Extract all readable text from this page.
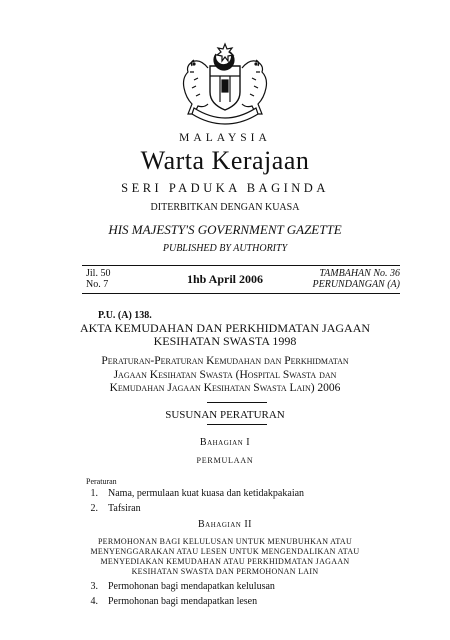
MALAYSIA
Warta Kerajaan
SERI PADUKA BAGINDA
DITERBITKAN DENGAN KUASA
HIS MAJESTY'S GOVERNMENT GAZETTE
PUBLISHED BY AUTHORITY
Jil. 50
No. 7	1hb April 2006	TAMBAHAN No. 36
PERUNDANGAN (A)
P.U. (A) 138.
AKTA KEMUDAHAN DAN PERKHIDMATAN JAGAAN
KESIHATAN SWASTA 1998
Peraturan-Peraturan Kemudahan dan Perkhidmatan
Jagaan Kesihatan Swasta (Hospital Swasta dan
Kemudahan Jagaan Kesihatan Swasta Lain) 2006
SUSUNAN PERATURAN
Bahagian I
PERMULAAN
Peraturan
1. Nama, permulaan kuat kuasa dan ketidakpakaian
2. Tafsiran
Bahagian II
PERMOHONAN BAGI KELULUSAN UNTUK MENUBUHKAN ATAU
MENYENGGARAKAN ATAU LESEN UNTUK MENGENDALIKAN ATAU
MENYEDIAKAN KEMUDAHAN ATAU PERKHIDMATAN JAGAAN
KESIHATAN SWASTA DAN PERMOHONAN LAIN
3. Permohonan bagi mendapatkan kelulusan
4. Permohonan bagi mendapatkan lesen
